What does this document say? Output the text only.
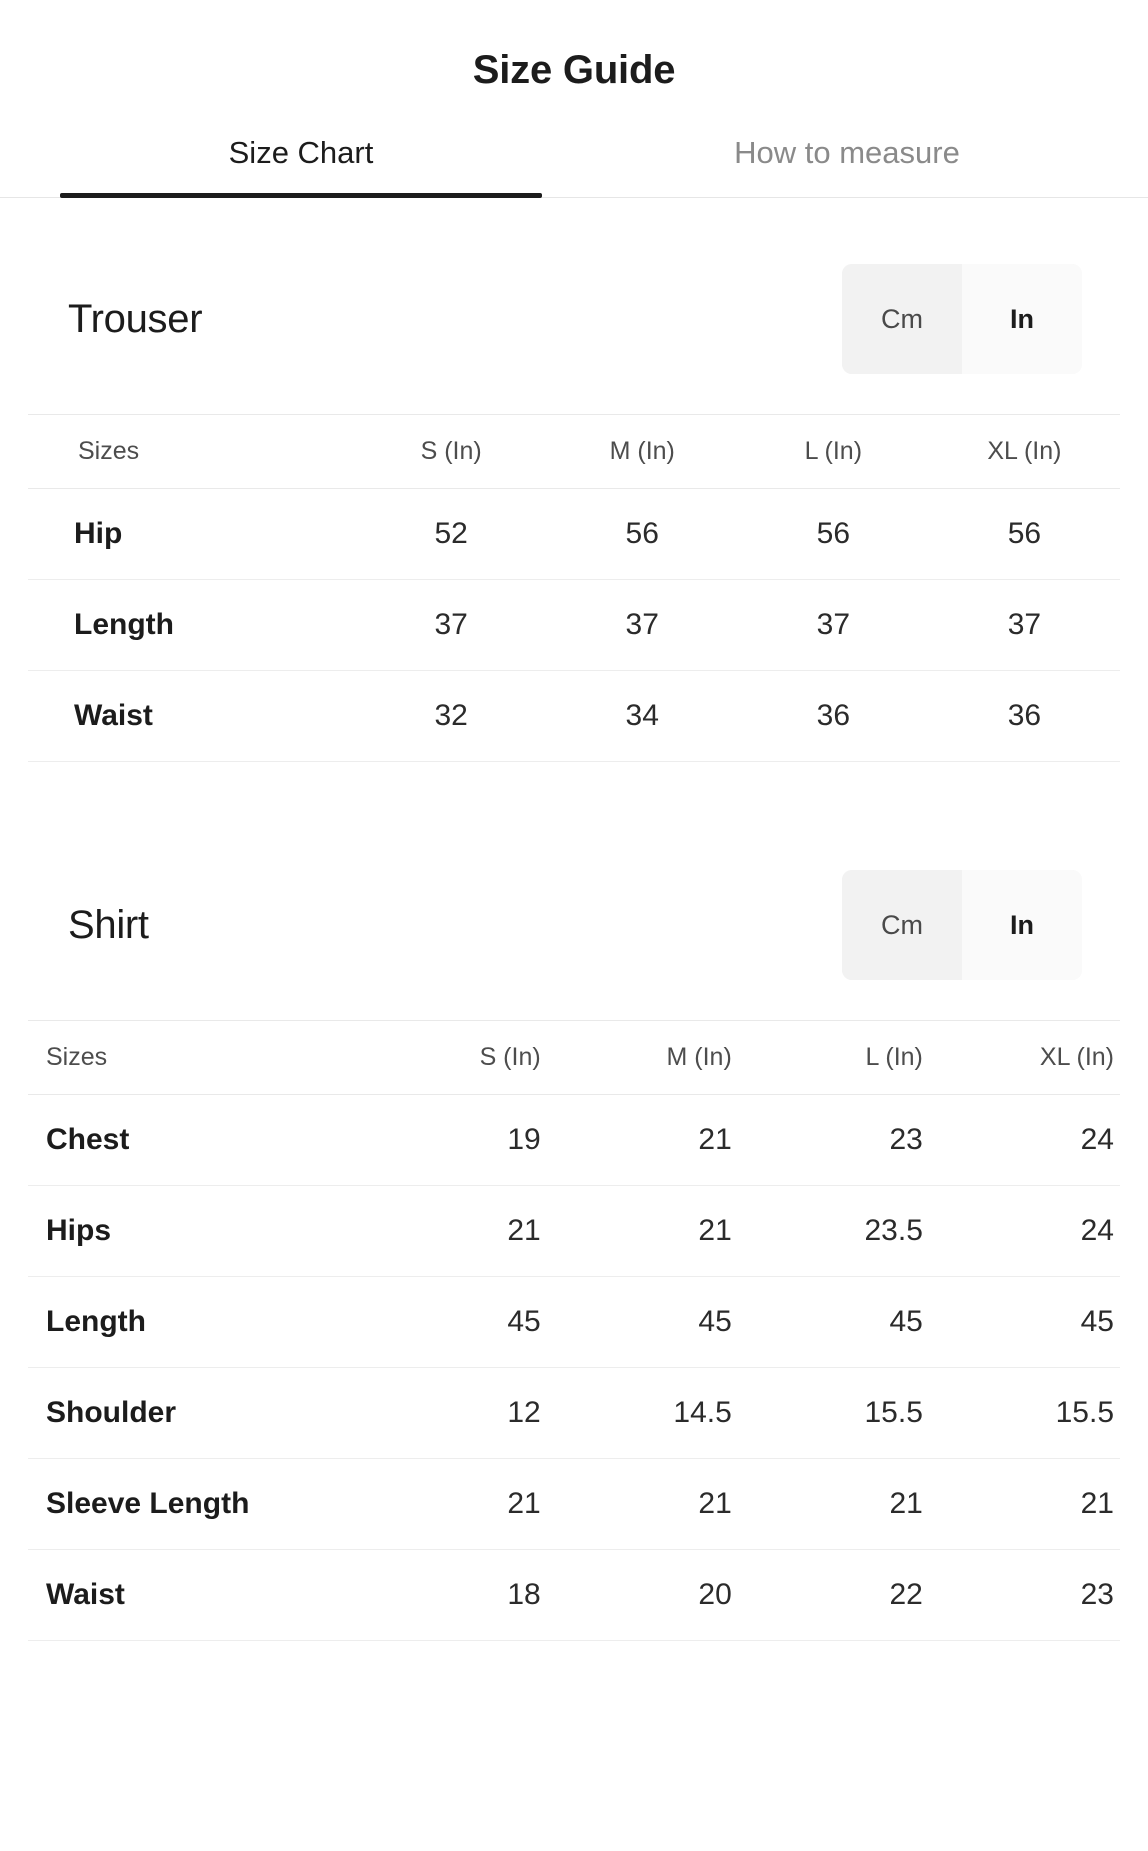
Size Guide
Size Chart	How to measure
Trouser	Cm	In
Sizes	S (In)	M (In)	L (In)	XL (In)
Hip	52	56	56	56
Length	37	37	37	37
Waist	32	34	36	36
Shirt	Cm	In
Sizes	S (In)	M (In)	L (In)	XL (In)
Chest	19	21	23	24
Hips	21	21	23.5	24
Length	45	45	45	45
Shoulder	12	14.5	15.5	15.5
Sleeve Length	21	21	21	21
Waist	18	20	22	23
